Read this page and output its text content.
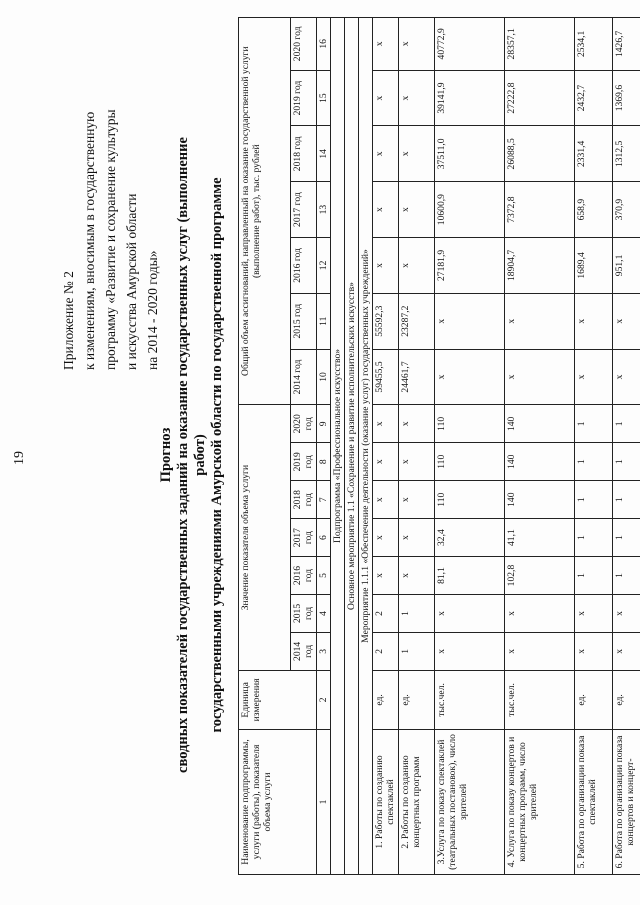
19
Приложение № 2 к изменениям, вносимым в государственную программу «Развитие и сохранение культуры и искусства Амурской области на 2014 - 2020 годы»
Прогноз сводных показателей государственных заданий на оказание государственных услуг (выполнение работ) государственными учреждениями Амурской области по государственной программе
Наименование подпрограммы, услуги (работы), показателя объема услуги	Единица измерения	Значение показателя объема услуги							Общий объем ассигнований, направленный на оказание государственной услуги (выполнение работ), тыс. рублей						
		2014 год	2015 год	2016 год	2017 год	2018 год	2019 год	2020 год	2014 год	2015 год	2016 год	2017 год	2018 год	2019 год	2020 год
1	2	3	4	5	6	7	8	9	10	11	12	13	14	15	16
Подпрограмма «Профессиональное искусство»															
Основное мероприятие 1.1 «Сохранение и развитие исполнительских искусств»															
Мероприятие 1.1.1 «Обеспечение деятельности (оказание услуг) государственных учреждений»															
1. Работы по созданию спектаклей	ед.	2	2	х	х	х	х	х	59455,5	55592,3	х	х	х	х	х
2. Работы по созданию концертных программ	ед.	1	1	х	х	х	х	х	24461,7	23287,2	х	х	х	х	х
3.Услуга по показу спектаклей (театральных постановок), число зрителей	тыс.чел.	х	х	81,1	32,4	110	110	110	х	х	27181,9	10600,9	37511,0	39141,9	40772,9
4. Услуга по показу концертов и концертных программ, число зрителей	тыс.чел.	х	х	102,8	41,1	140	140	140	х	х	18904,7	7372,8	26088,5	27222,8	28357,1
5. Работа по организации показа спектаклей	ед.	х	х	1	1	1	1	1	х	х	1689,4	658,9	2331,4	2432,7	2534,1
6. Работа по организации показа концертов и концерт-	ед.	х	х	1	1	1	1	1	х	х	951,1	370,9	1312,5	1369,6	1426,7
